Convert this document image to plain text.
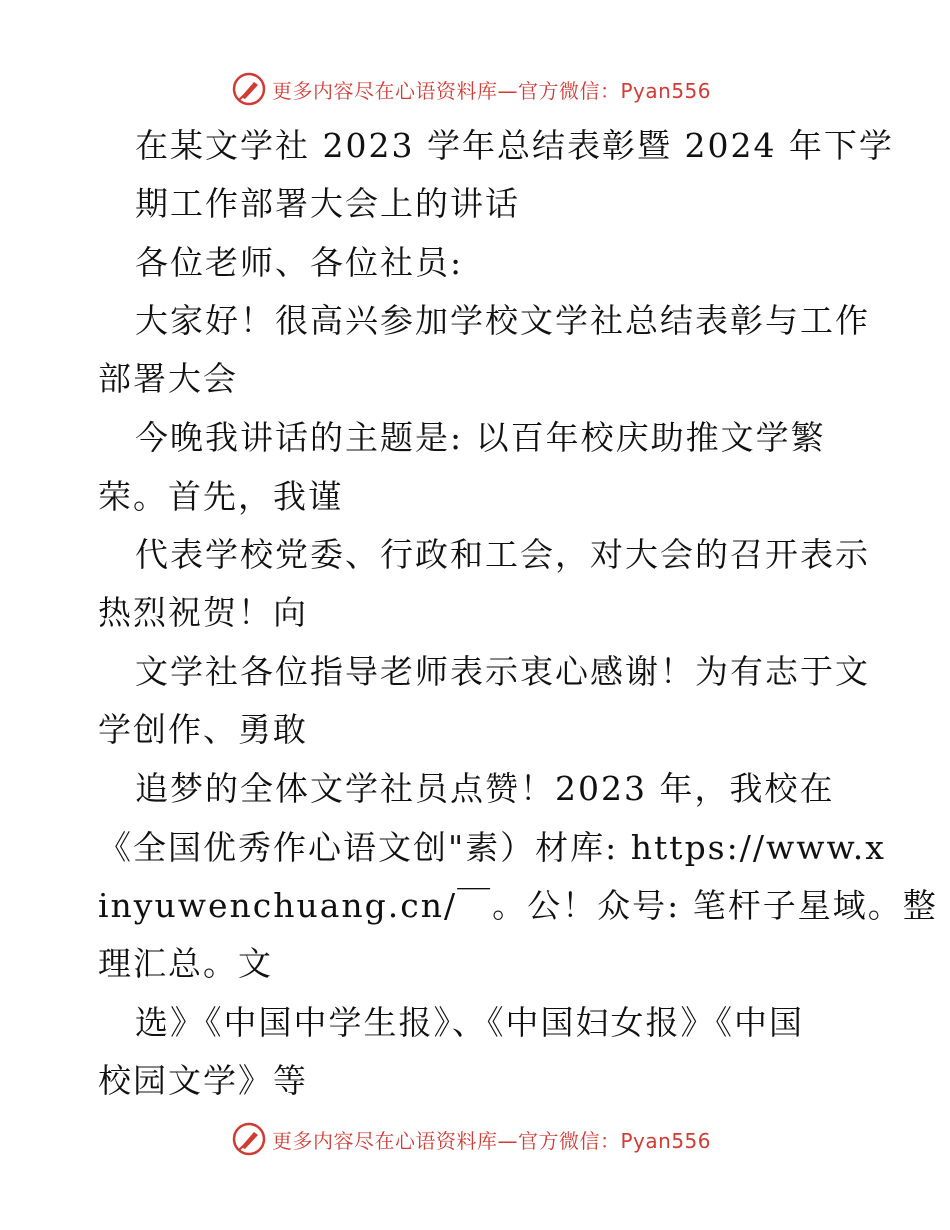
更多内容尽在心语资料库—官方微信：Pyan556
在某文学社 2023 学年总结表彰暨 2024 年下学
期工作部署大会上的讲话
各位老师、各位社员:
大家好！很高兴参加学校文学社总结表彰与工作
部署大会
今晚我讲话的主题是: 以百年校庆助推文学繁
荣。首先，我谨
代表学校党委、行政和工会，对大会的召开表示
热烈祝贺！向
文学社各位指导老师表示衷心感谢！为有志于文
学创作、勇敢
追梦的全体文学社员点赞！2023 年，我校在
《全国优秀作心语文创"素）材库: https://www.x
inyuwenchuang.cn/￣。公！众号: 笔杆子星域。整
理汇总。文
选》《中国中学生报》、《中国妇女报》《中国
校园文学》等
更多内容尽在心语资料库—官方微信：Pyan556
